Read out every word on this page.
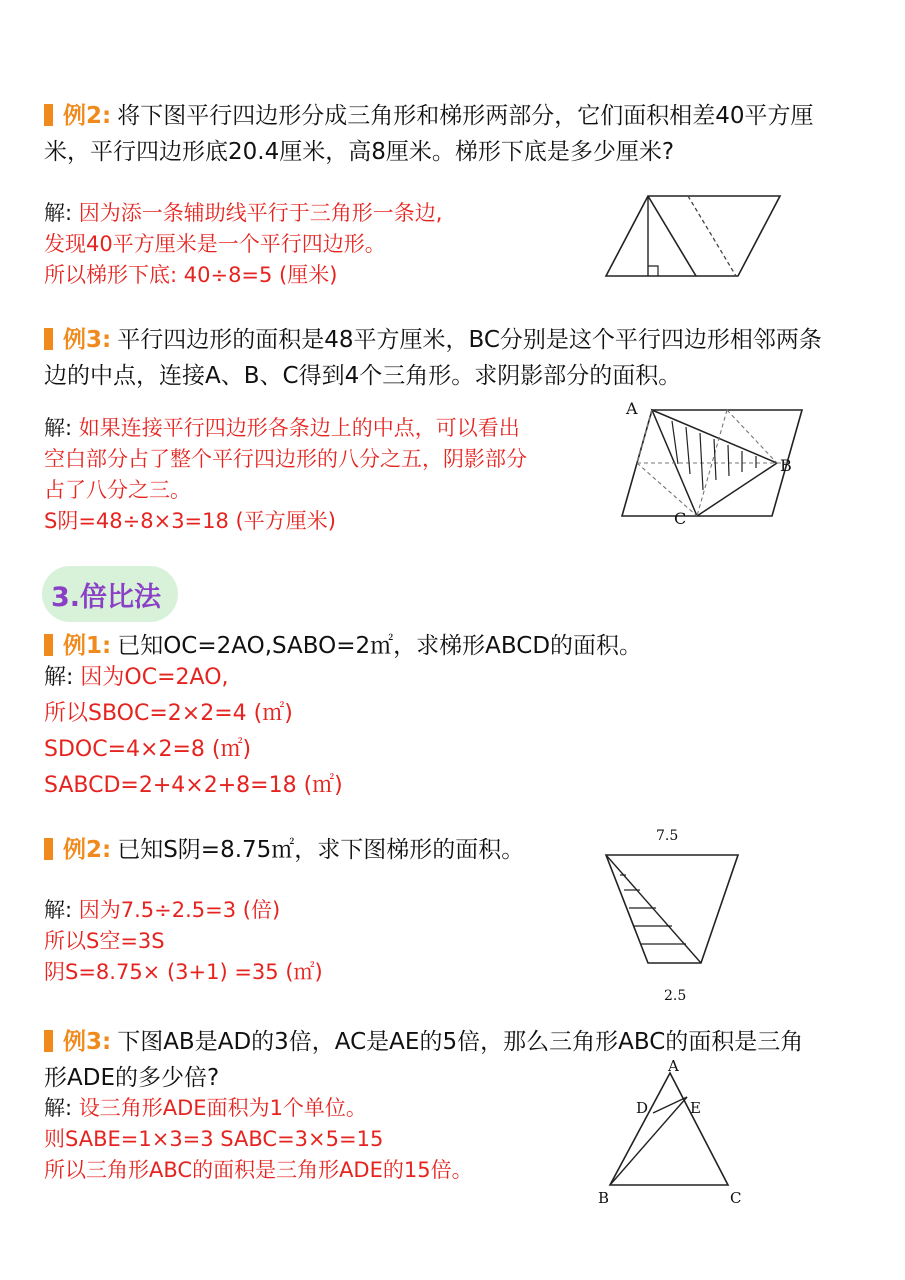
例2: 将下图平行四边形分成三角形和梯形两部分，它们面积相差40平方厘
米，平行四边形底20.4厘米，高8厘米。梯形下底是多少厘米?
解: 因为添一条辅助线平行于三角形一条边,
发现40平方厘米是一个平行四边形。
所以梯形下底: 40÷8=5 (厘米)
例3: 平行四边形的面积是48平方厘米，BC分别是这个平行四边形相邻两条
边的中点，连接A、B、C得到4个三角形。求阴影部分的面积。
解: 如果连接平行四边形各条边上的中点，可以看出
空白部分占了整个平行四边形的八分之五，阴影部分
占了八分之三。
S阴=48÷8×3=18 (平方厘米)
A
B
C
3.倍比法
例1: 已知OC=2AO,SABO=2㎡，求梯形ABCD的面积。
解: 因为OC=2AO,
所以SBOC=2×2=4 (㎡)
SDOC=4×2=8 (㎡)
SABCD=2+4×2+8=18 (㎡)
例2: 已知S阴=8.75㎡，求下图梯形的面积。
解: 因为7.5÷2.5=3 (倍)
所以S空=3S
阴S=8.75× (3+1) =35 (㎡)
7.5
2.5
例3: 下图AB是AD的3倍，AC是AE的5倍，那么三角形ABC的面积是三角
形ADE的多少倍?
解: 设三角形ADE面积为1个单位。
则SABE=1×3=3 SABC=3×5=15
所以三角形ABC的面积是三角形ADE的15倍。
A
D	E
B	C
